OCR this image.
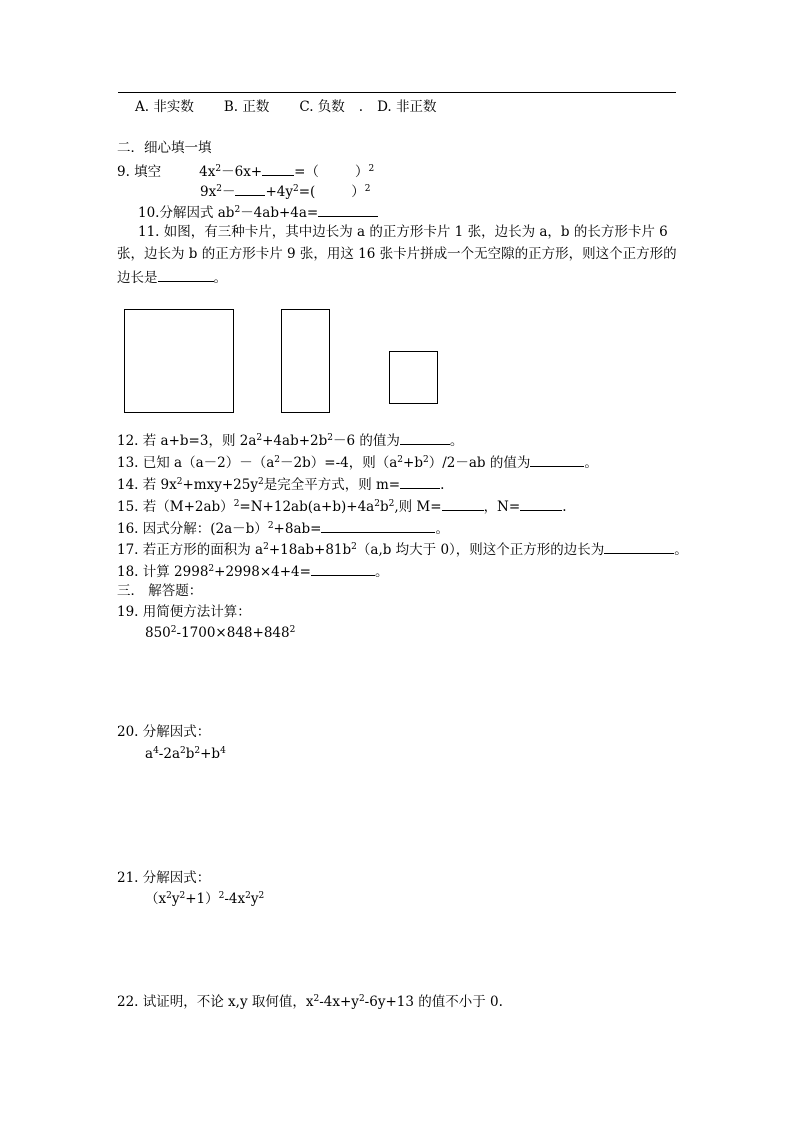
A. 非实数 B. 正数 C. 负数 . D. 非正数
二．细心填一填
9. 填空	$4x^2-6x+$ =（	）$^2$
$9x^2- +4y^2=$(	）$^2$
10.分解因式 $ab^2-4ab+4a=$
11. 如图，有三种卡片，其中边长为 a 的正方形卡片 1 张，边长为 a，b 的长方形卡片 6
张，边长为 b 的正方形卡片 9 张，用这 16 张卡片拼成一个无空隙的正方形，则这个正方形的
边长是	。
12. 若 a+b=3，则 $2a^2+4ab+2b^2-6$ 的值为	。
13. 已知 $a(a-2)-(a^2-2b)=-4$，则$(a^2+b^2)/2-ab$ 的值为	。
14. 若 $9x^2+mxy+25y^2$是完全平方式，则 m=	.
15. 若$(M+2ab)^2=N+12ab(a+b)+4a^2b^2$,则 M=	，N=	.
16. 因式分解：(2a－b）$^2$+8ab=	。
17. 若正方形的面积为 $a^2+18ab+81b^2(a,b$ 均大于 0），则这个正方形的边长为	。
18. 计算 $2998^2+2998\times 4+4=$	。
三． 解答题：
19. 用简便方法计算：
$850^2-1700\times 848+848^2$
20. 分解因式：
$a^4-2a^2b^2+b^4$
21. 分解因式：
$(x^2y^2+1)^2-4x^2y^2$
22. 试证明，不论 x,y 取何值，$x^2-4x+y^2-6y+13$ 的值不小于 0.
